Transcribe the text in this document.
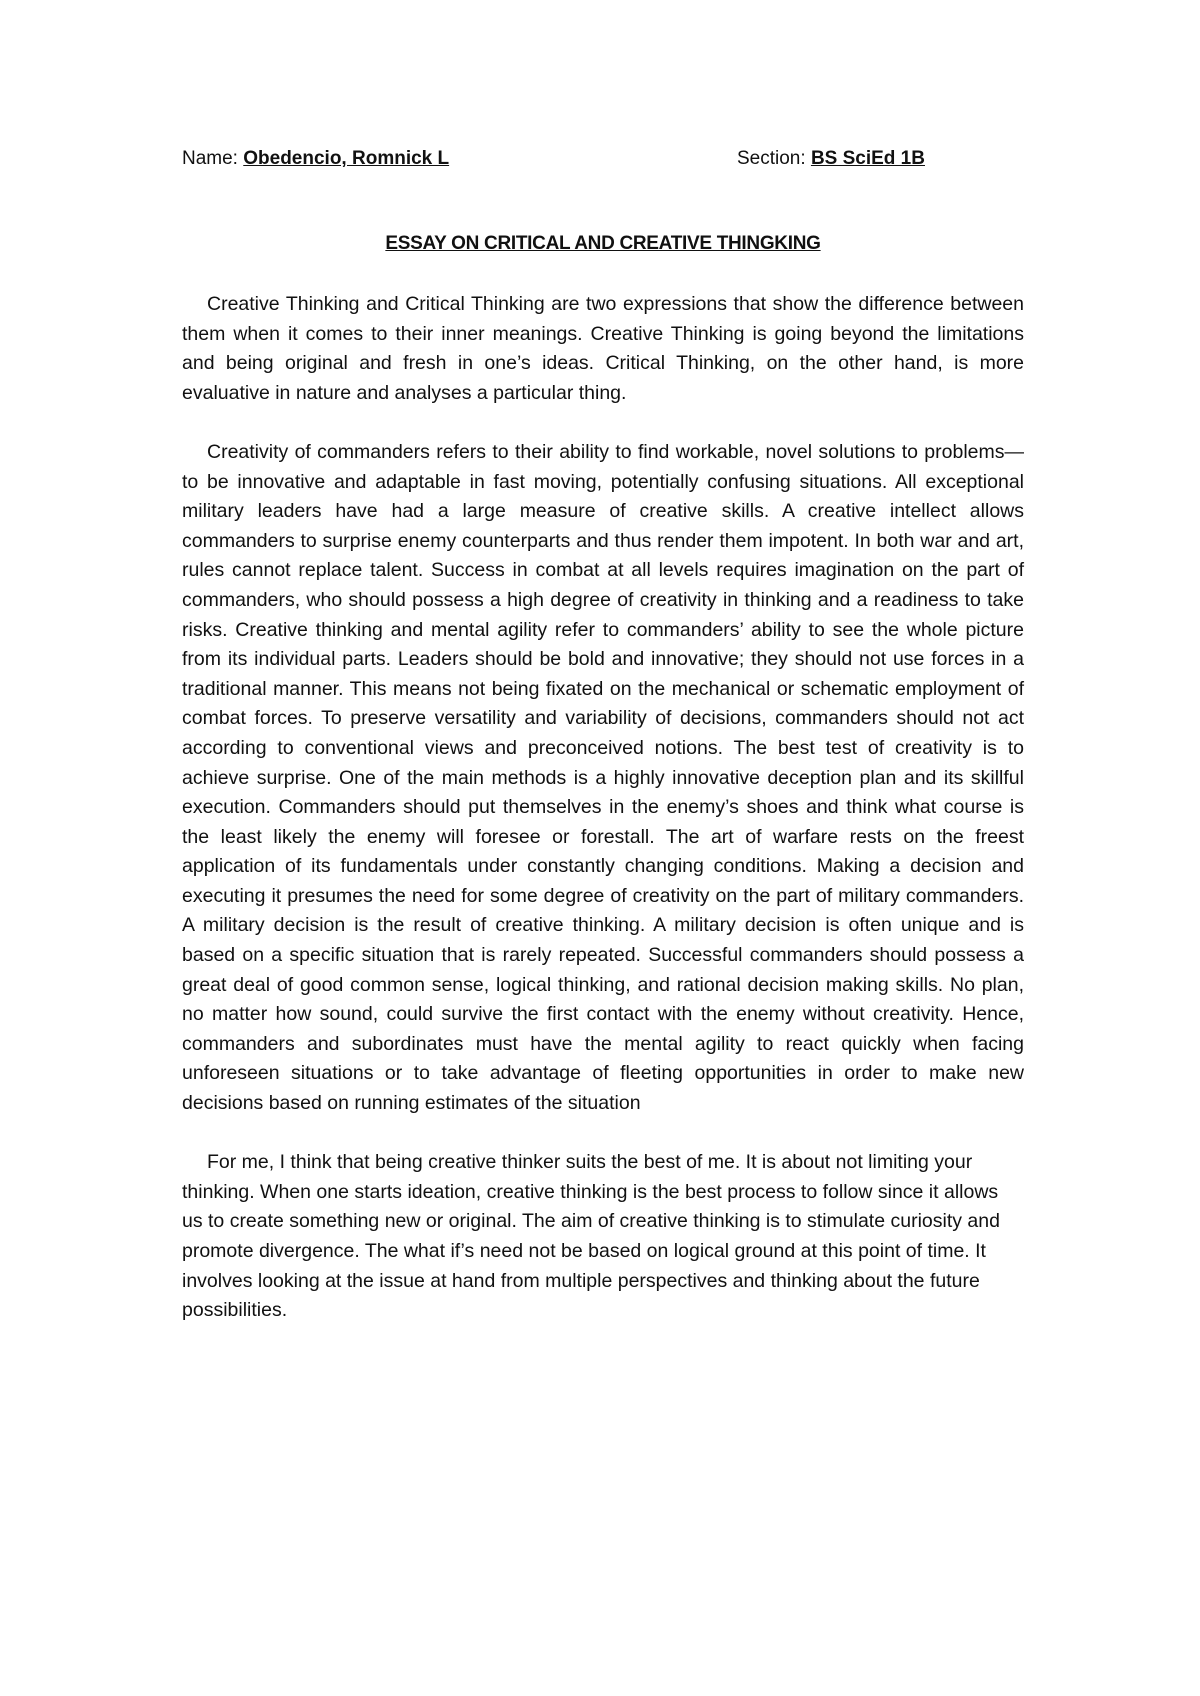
Name: Obedencio, Romnick L	Section: BS SciEd 1B
ESSAY ON CRITICAL AND CREATIVE THINGKING

Creative Thinking and Critical Thinking are two expressions that show the difference between them when it comes to their inner meanings. Creative Thinking is going beyond the limitations and being original and fresh in one’s ideas. Critical Thinking, on the other hand, is more evaluative in nature and analyses a particular thing.

Creativity of commanders refers to their ability to find workable, novel solutions to problems—to be innovative and adaptable in fast moving, potentially confusing situations. All exceptional military leaders have had a large measure of creative skills. A creative intellect allows commanders to surprise enemy counterparts and thus render them impotent. In both war and art, rules cannot replace talent. Success in combat at all levels requires imagination on the part of commanders, who should possess a high degree of creativity in thinking and a readiness to take risks. Creative thinking and mental agility refer to commanders’ ability to see the whole picture from its individual parts. Leaders should be bold and innovative; they should not use forces in a traditional manner. This means not being fixated on the mechanical or schematic employment of combat forces. To preserve versatility and variability of decisions, commanders should not act according to conventional views and preconceived notions. The best test of creativity is to achieve surprise. One of the main methods is a highly innovative deception plan and its skillful execution. Commanders should put themselves in the enemy’s shoes and think what course is the least likely the enemy will foresee or forestall. The art of warfare rests on the freest application of its fundamentals under constantly changing conditions. Making a decision and executing it presumes the need for some degree of creativity on the part of military commanders. A military decision is the result of creative thinking. A military decision is often unique and is based on a specific situation that is rarely repeated. Successful commanders should possess a great deal of good common sense, logical thinking, and rational decision making skills. No plan, no matter how sound, could survive the first contact with the enemy without creativity. Hence, commanders and subordinates must have the mental agility to react quickly when facing unforeseen situations or to take advantage of fleeting opportunities in order to make new decisions based on running estimates of the situation

For me, I think that being creative thinker suits the best of me. It is about not limiting your thinking. When one starts ideation, creative thinking is the best process to follow since it allows us to create something new or original. The aim of creative thinking is to stimulate curiosity and promote divergence. The what if’s need not be based on logical ground at this point of time. It involves looking at the issue at hand from multiple perspectives and thinking about the future possibilities.
